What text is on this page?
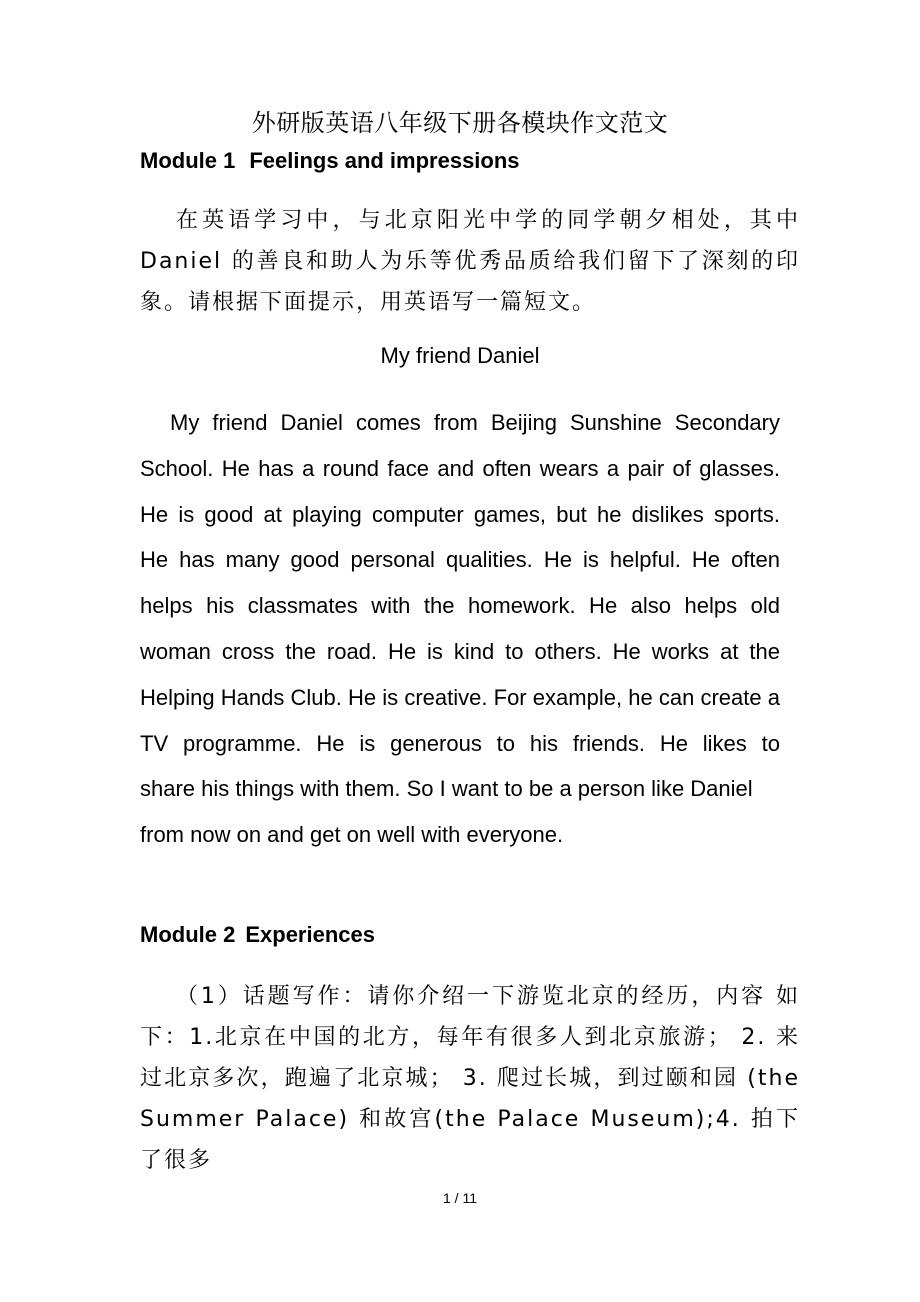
外研版英语八年级下册各模块作文范文
Module 1 Feelings and impressions
在英语学习中，与北京阳光中学的同学朝夕相处，其中 Daniel 的善良和助人为乐等优秀品质给我们留下了深刻的印象。请根据下面提示，用英语写一篇短文。
My friend Daniel
My friend Daniel comes from Beijing Sunshine Secondary
School. He has a round face and often wears a pair of glasses.
He is good at playing computer games, but he dislikes sports.
He has many good personal qualities. He is helpful. He often
helps his classmates with the homework. He also helps old
woman cross the road. He is kind to others. He works at the
Helping Hands Club. He is creative. For example, he can create a
TV programme. He is generous to his friends. He likes to
share his things with them. So I want to be a person like Daniel
from now on and get on well with everyone.
Module 2 Experiences
（1）话题写作：请你介绍一下游览北京的经历，内容 如下：1.北京在中国的北方，每年有很多人到北京旅游； 2. 来过北京多次，跑遍了北京城； 3. 爬过长城，到过颐和园 (the Summer Palace) 和故宫(the Palace Museum);4. 拍下了很多
1 / 11
